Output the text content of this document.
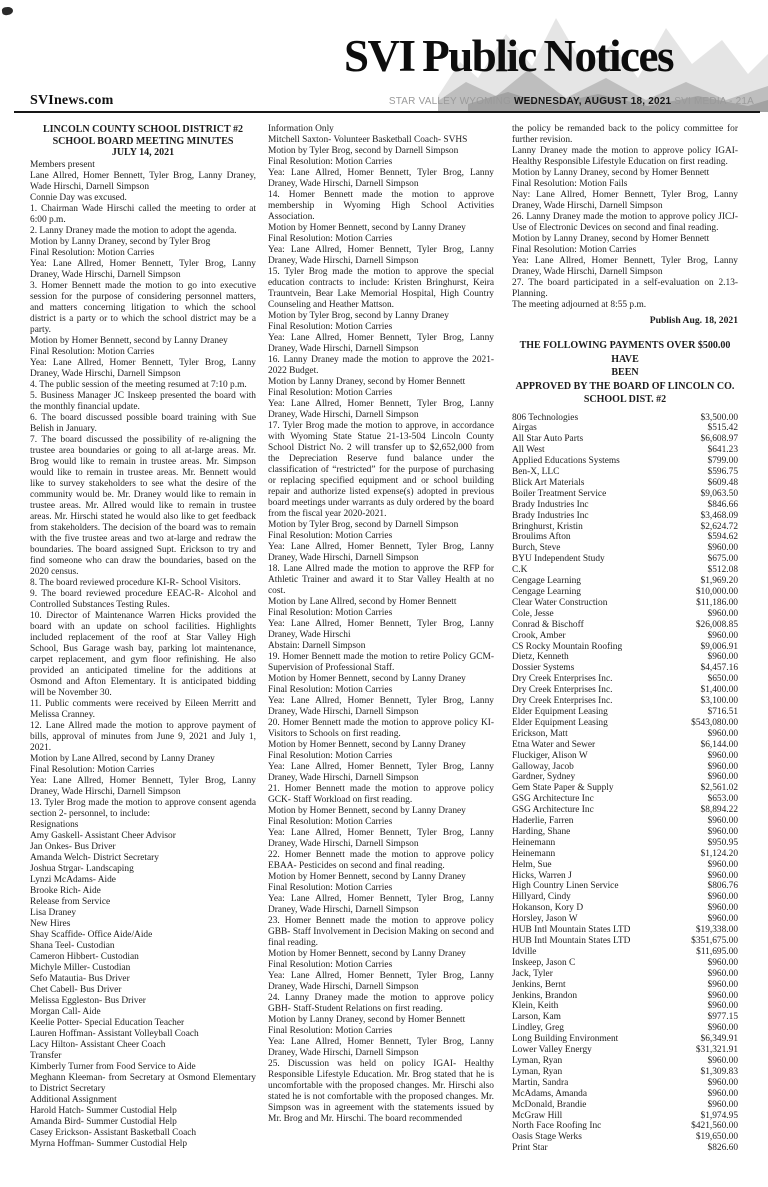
SVI Public Notices
SVInews.com	STAR VALLEY WYOMING WEDNESDAY, AUGUST 18, 2021 SVI MEDIA - 21A

LINCOLN COUNTY SCHOOL DISTRICT #2

SCHOOL BOARD MEETING MINUTES

JULY 14, 2021

Members present

Lane Allred, Homer Bennett, Tyler Brog, Lanny Draney, Wade Hirschi, Darnell Simpson

Connie Day was excused.

1. Chairman Wade Hirschi called the meeting to order at 6:00 p.m.

2. Lanny Draney made the motion to adopt the agenda.

Motion by Lanny Draney, second by Tyler Brog

Final Resolution: Motion Carries

Yea: Lane Allred, Homer Bennett, Tyler Brog, Lanny Draney, Wade Hirschi, Darnell Simpson

3. Homer Bennett made the motion to go into executive session for the purpose of considering personnel matters, and matters concerning litigation to which the school district is a party or to which the school district may be a party.

Motion by Homer Bennett, second by Lanny Draney

Final Resolution: Motion Carries

Yea: Lane Allred, Homer Bennett, Tyler Brog, Lanny Draney, Wade Hirschi, Darnell Simpson

4. The public session of the meeting resumed at 7:10 p.m.

5. Business Manager JC Inskeep presented the board with the monthly financial update.

6. The board discussed possible board training with Sue Belish in January.

7. The board discussed the possibility of re-aligning the trustee area boundaries or going to all at-large areas. Mr. Brog would like to remain in trustee areas. Mr. Simpson would like to remain in trustee areas. Mr. Bennett would like to survey stakeholders to see what the desire of the community would be. Mr. Draney would like to remain in trustee areas. Mr. Allred would like to remain in trustee areas. Mr. Hirschi stated he would also like to get feedback from stakeholders. The decision of the board was to remain with the five trustee areas and two at-large and redraw the boundaries. The board assigned Supt. Erickson to try and find someone who can draw the boundaries, based on the 2020 census.

8. The board reviewed procedure KI-R- School Visitors.

9. The board reviewed procedure EEAC-R- Alcohol and Controlled Substances Testing Rules.

10. Director of Maintenance Warren Hicks provided the board with an update on school facilities. Highlights included replacement of the roof at Star Valley High School, Bus Garage wash bay, parking lot maintenance, carpet replacement, and gym floor refinishing. He also provided an anticipated timeline for the additions at Osmond and Afton Elementary. It is anticipated bidding will be November 30.

11. Public comments were received by Eileen Merritt and Melissa Cranney.

12. Lane Allred made the motion to approve payment of bills, approval of minutes from June 9, 2021 and July 1, 2021.

Motion by Lane Allred, second by Lanny Draney

Final Resolution: Motion Carries

Yea: Lane Allred, Homer Bennett, Tyler Brog, Lanny Draney, Wade Hirschi, Darnell Simpson

13. Tyler Brog made the motion to approve consent agenda section 2- personnel, to include:

Resignations

Amy Gaskell- Assistant Cheer Advisor

Jan Onkes- Bus Driver

Amanda Welch- District Secretary

Joshua Strgar- Landscaping

Lynzi McAdams- Aide

Brooke Rich- Aide

Release from Service

Lisa Draney

New Hires

Shay Scaffide- Office Aide/Aide

Shana Teel- Custodian

Cameron Hibbert- Custodian

Michyle Miller- Custodian

Sefo Matautia- Bus Driver

Chet Cabell- Bus Driver

Melissa Eggleston- Bus Driver

Morgan Call- Aide

Keelie Potter- Special Education Teacher

Lauren Hoffman- Assistant Volleyball Coach

Lacy Hilton- Assistant Cheer Coach

Transfer

Kimberly Turner from Food Service to Aide

Meghann Kleeman- from Secretary at Osmond Elementary to District Secretary

Additional Assignment

Harold Hatch- Summer Custodial Help

Amanda Bird- Summer Custodial Help

Casey Erickson- Assistant Basketball Coach

Myrna Hoffman- Summer Custodial Help

Information Only

Mitchell Saxton- Volunteer Basketball Coach- SVHS

Motion by Tyler Brog, second by Darnell Simpson

Final Resolution: Motion Carries

Yea: Lane Allred, Homer Bennett, Tyler Brog, Lanny Draney, Wade Hirschi, Darnell Simpson

14. Homer Bennett made the motion to approve membership in Wyoming High School Activities Association.

Motion by Homer Bennett, second by Lanny Draney

Final Resolution: Motion Carries

Yea: Lane Allred, Homer Bennett, Tyler Brog, Lanny Draney, Wade Hirschi, Darnell Simpson

15. Tyler Brog made the motion to approve the special education contracts to include: Kristen Bringhurst, Keira Trauntvein, Bear Lake Memorial Hospital, High Country Counseling and Heather Mattson.

Motion by Tyler Brog, second by Lanny Draney

Final Resolution: Motion Carries

Yea: Lane Allred, Homer Bennett, Tyler Brog, Lanny Draney, Wade Hirschi, Darnell Simpson

16. Lanny Draney made the motion to approve the 2021-2022 Budget.

Motion by Lanny Draney, second by Homer Bennett

Final Resolution: Motion Carries

Yea: Lane Allred, Homer Bennett, Tyler Brog, Lanny Draney, Wade Hirschi, Darnell Simpson

17. Tyler Brog made the motion to approve, in accordance with Wyoming State Statue 21-13-504 Lincoln County School District No. 2 will transfer up to $2,652,000 from the Depreciation Reserve fund balance under the classification of “restricted” for the purpose of purchasing or replacing specified equipment and or school building repair and authorize listed expense(s) adopted in previous board meetings under warrants as duly ordered by the board from the fiscal year 2020-2021.

Motion by Tyler Brog, second by Darnell Simpson

Final Resolution: Motion Carries

Yea: Lane Allred, Homer Bennett, Tyler Brog, Lanny Draney, Wade Hirschi, Darnell Simpson

18. Lane Allred made the motion to approve the RFP for Athletic Trainer and award it to Star Valley Health at no cost.

Motion by Lane Allred, second by Homer Bennett

Final Resolution: Motion Carries

Yea: Lane Allred, Homer Bennett, Tyler Brog, Lanny Draney, Wade Hirschi

Abstain: Darnell Simpson

19. Homer Bennett made the motion to retire Policy GCM- Supervision of Professional Staff.

Motion by Homer Bennett, second by Lanny Draney

Final Resolution: Motion Carries

Yea: Lane Allred, Homer Bennett, Tyler Brog, Lanny Draney, Wade Hirschi, Darnell Simpson

20. Homer Bennett made the motion to approve policy KI- Visitors to Schools on first reading.

Motion by Homer Bennett, second by Lanny Draney

Final Resolution: Motion Carries

Yea: Lane Allred, Homer Bennett, Tyler Brog, Lanny Draney, Wade Hirschi, Darnell Simpson

21. Homer Bennett made the motion to approve policy GCK- Staff Workload on first reading.

Motion by Homer Bennett, second by Lanny Draney

Final Resolution: Motion Carries

Yea: Lane Allred, Homer Bennett, Tyler Brog, Lanny Draney, Wade Hirschi, Darnell Simpson

22. Homer Bennett made the motion to approve policy EBAA- Pesticides on second and final reading.

Motion by Homer Bennett, second by Lanny Draney

Final Resolution: Motion Carries

Yea: Lane Allred, Homer Bennett, Tyler Brog, Lanny Draney, Wade Hirschi, Darnell Simpson

23. Homer Bennett made the motion to approve policy GBB- Staff Involvement in Decision Making on second and final reading.

Motion by Homer Bennett, second by Lanny Draney

Final Resolution: Motion Carries

Yea: Lane Allred, Homer Bennett, Tyler Brog, Lanny Draney, Wade Hirschi, Darnell Simpson

24. Lanny Draney made the motion to approve policy GBH- Staff-Student Relations on first reading.

Motion by Lanny Draney, second by Homer Bennett

Final Resolution: Motion Carries

Yea: Lane Allred, Homer Bennett, Tyler Brog, Lanny Draney, Wade Hirschi, Darnell Simpson

25. Discussion was held on policy IGAI- Healthy Responsible Lifestyle Education. Mr. Brog stated that he is uncomfortable with the proposed changes. Mr. Hirschi also stated he is not comfortable with the proposed changes. Mr. Simpson was in agreement with the statements issued by Mr. Brog and Mr. Hirschi. The board recommended

the policy be remanded back to the policy committee for further revision.

Lanny Draney made the motion to approve policy IGAI- Healthy Responsible Lifestyle Education on first reading.

Motion by Lanny Draney, second by Homer Bennett

Final Resolution: Motion Fails

Nay: Lane Allred, Homer Bennett, Tyler Brog, Lanny Draney, Wade Hirschi, Darnell Simpson

26. Lanny Draney made the motion to approve policy JICJ- Use of Electronic Devices on second and final reading.

Motion by Lanny Draney, second by Homer Bennett

Final Resolution: Motion Carries

Yea: Lane Allred, Homer Bennett, Tyler Brog, Lanny Draney, Wade Hirschi, Darnell Simpson

27. The board participated in a self-evaluation on 2.13- Planning.

The meeting adjourned at 8:55 p.m.

Publish Aug. 18, 2021

THE FOLLOWING PAYMENTS OVER $500.00 HAVE

BEEN

APPROVED BY THE BOARD OF LINCOLN CO.

SCHOOL DIST. #2

806 Technologies	$3,500.00
Airgas	$515.42
All Star Auto Parts	$6,608.97
All West	$641.23
Applied Educations Systems	$799.00
Ben-X, LLC	$596.75
Blick Art Materials	$609.48
Boiler Treatment Service	$9,063.50
Brady Industries Inc	$846.66
Brady Industries Inc	$3,468.09
Bringhurst, Kristin	$2,624.72
Broulims Afton	$594.62
Burch, Steve	$960.00
BYU Independent Study	$675.00
C.K	$512.08
Cengage Learning	$1,969.20
Cengage Learning	$10,000.00
Clear Water Construction	$11,186.00
Cole, Jesse	$960.00
Conrad & Bischoff	$26,008.85
Crook, Amber	$960.00
CS Rocky Mountain Roofing	$9,006.91
Dietz, Kenneth	$960.00
Dossier Systems	$4,457.16
Dry Creek Enterprises Inc.	$650.00
Dry Creek Enterprises Inc.	$1,400.00
Dry Creek Enterprises Inc.	$3,100.00
Elder Equipment Leasing	$716.51
Elder Equipment Leasing	$543,080.00
Erickson, Matt	$960.00
Etna Water and Sewer	$6,144.00
Fluckiger, Alison W	$960.00
Galloway, Jacob	$960.00
Gardner, Sydney	$960.00
Gem State Paper & Supply	$2,561.02
GSG Architecture Inc	$653.00
GSG Architecture Inc	$8,894.22
Haderlie, Farren	$960.00
Harding, Shane	$960.00
Heinemann	$950.95
Heinemann	$1,124.20
Helm, Sue	$960.00
Hicks, Warren J	$960.00
High Country Linen Service	$806.76
Hillyard, Cindy	$960.00
Hokanson, Kory D	$960.00
Horsley, Jason W	$960.00
HUB Intl Mountain States LTD	$19,338.00
HUB Intl Mountain States LTD	$351,675.00
Idville	$11,695.00
Inskeep, Jason C	$960.00
Jack, Tyler	$960.00
Jenkins, Bernt	$960.00
Jenkins, Brandon	$960.00
Klein, Keith	$960.00
Larson, Kam	$977.15
Lindley, Greg	$960.00
Long Building Environment	$6,349.91
Lower Valley Energy	$31,321.91
Lyman, Ryan	$960.00
Lyman, Ryan	$1,309.83
Martin, Sandra	$960.00
McAdams, Amanda	$960.00
McDonald, Brandie	$960.00
McGraw Hill	$1,974.95
North Face Roofing Inc	$421,560.00
Oasis Stage Werks	$19,650.00
Print Star	$826.60
